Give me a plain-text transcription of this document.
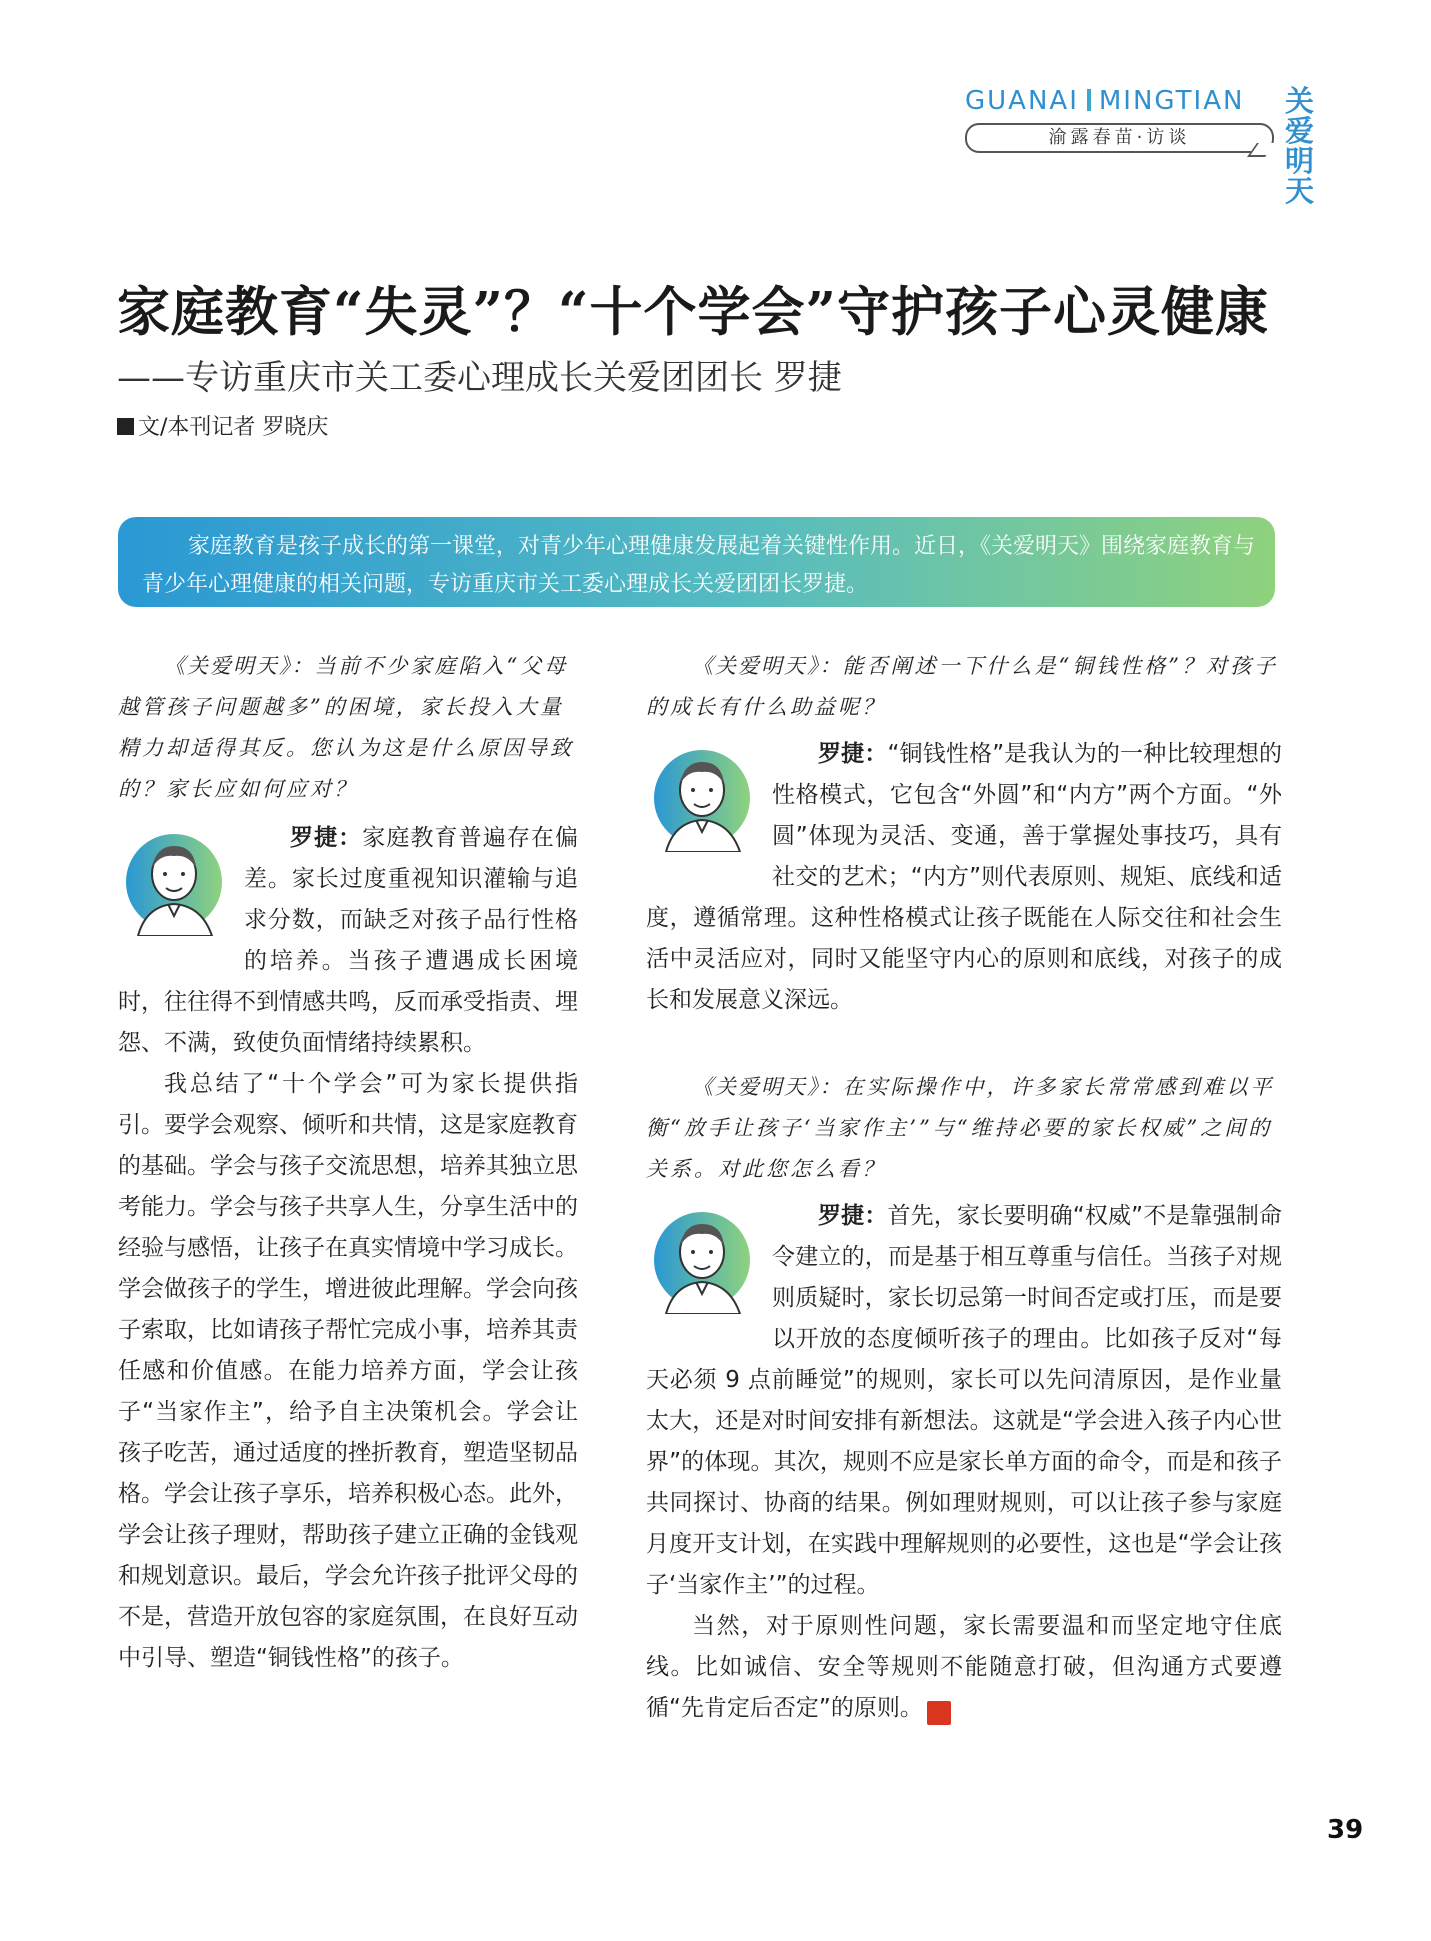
GUANAI MINGTIAN 关爱明天
渝露春苗·访谈
家庭教育“失灵”？“十个学会”守护孩子心灵健康
——专访重庆市关工委心理成长关爱团团长 罗捷
文/本刊记者 罗晓庆
家庭教育是孩子成长的第一课堂，对青少年心理健康发展起着关键性作用。近日，《关爱明天》围绕家庭教育与青少年心理健康的相关问题，专访重庆市关工委心理成长关爱团团长罗捷。
《关爱明天》：当前不少家庭陷入“父母越管孩子问题越多”的困境，家长投入大量精力却适得其反。您认为这是什么原因导致的？家长应如何应对？
罗捷：家庭教育普遍存在偏差。家长过度重视知识灌输与追求分数，而缺乏对孩子品行性格的培养。当孩子遭遇成长困境时，往往得不到情感共鸣，反而承受指责、埋怨、不满，致使负面情绪持续累积。
我总结了“十个学会”可为家长提供指引。要学会观察、倾听和共情，这是家庭教育的基础。学会与孩子交流思想，培养其独立思考能力。学会与孩子共享人生，分享生活中的经验与感悟，让孩子在真实情境中学习成长。学会做孩子的学生，增进彼此理解。学会向孩子索取，比如请孩子帮忙完成小事，培养其责任感和价值感。在能力培养方面，学会让孩子“当家作主”，给予自主决策机会。学会让孩子吃苦，通过适度的挫折教育，塑造坚韧品格。学会让孩子享乐，培养积极心态。此外，学会让孩子理财，帮助孩子建立正确的金钱观和规划意识。最后，学会允许孩子批评父母的不是，营造开放包容的家庭氛围，在良好互动中引导、塑造“铜钱性格”的孩子。
《关爱明天》：能否阐述一下什么是“铜钱性格”？对孩子的成长有什么助益呢？
罗捷：“铜钱性格”是我认为的一种比较理想的性格模式，它包含“外圆”和“内方”两个方面。“外圆”体现为灵活、变通，善于掌握处事技巧，具有社交的艺术；“内方”则代表原则、规矩、底线和适度，遵循常理。这种性格模式让孩子既能在人际交往和社会生活中灵活应对，同时又能坚守内心的原则和底线，对孩子的成长和发展意义深远。
《关爱明天》：在实际操作中，许多家长常常感到难以平衡“放手让孩子‘当家作主’”与“维持必要的家长权威”之间的关系。对此您怎么看？
罗捷：首先，家长要明确“权威”不是靠强制命令建立的，而是基于相互尊重与信任。当孩子对规则质疑时，家长切忌第一时间否定或打压，而是要以开放的态度倾听孩子的理由。比如孩子反对“每天必须 9 点前睡觉”的规则，家长可以先问清原因，是作业量太大，还是对时间安排有新想法。这就是“学会进入孩子内心世界”的体现。其次，规则不应是家长单方面的命令，而是和孩子共同探讨、协商的结果。例如理财规则，可以让孩子参与家庭月度开支计划，在实践中理解规则的必要性，这也是“学会让孩子‘当家作主’”的过程。
当然，对于原则性问题，家长需要温和而坚定地守住底线。比如诚信、安全等规则不能随意打破，但沟通方式要遵循“先肯定后否定”的原则。	关
39
